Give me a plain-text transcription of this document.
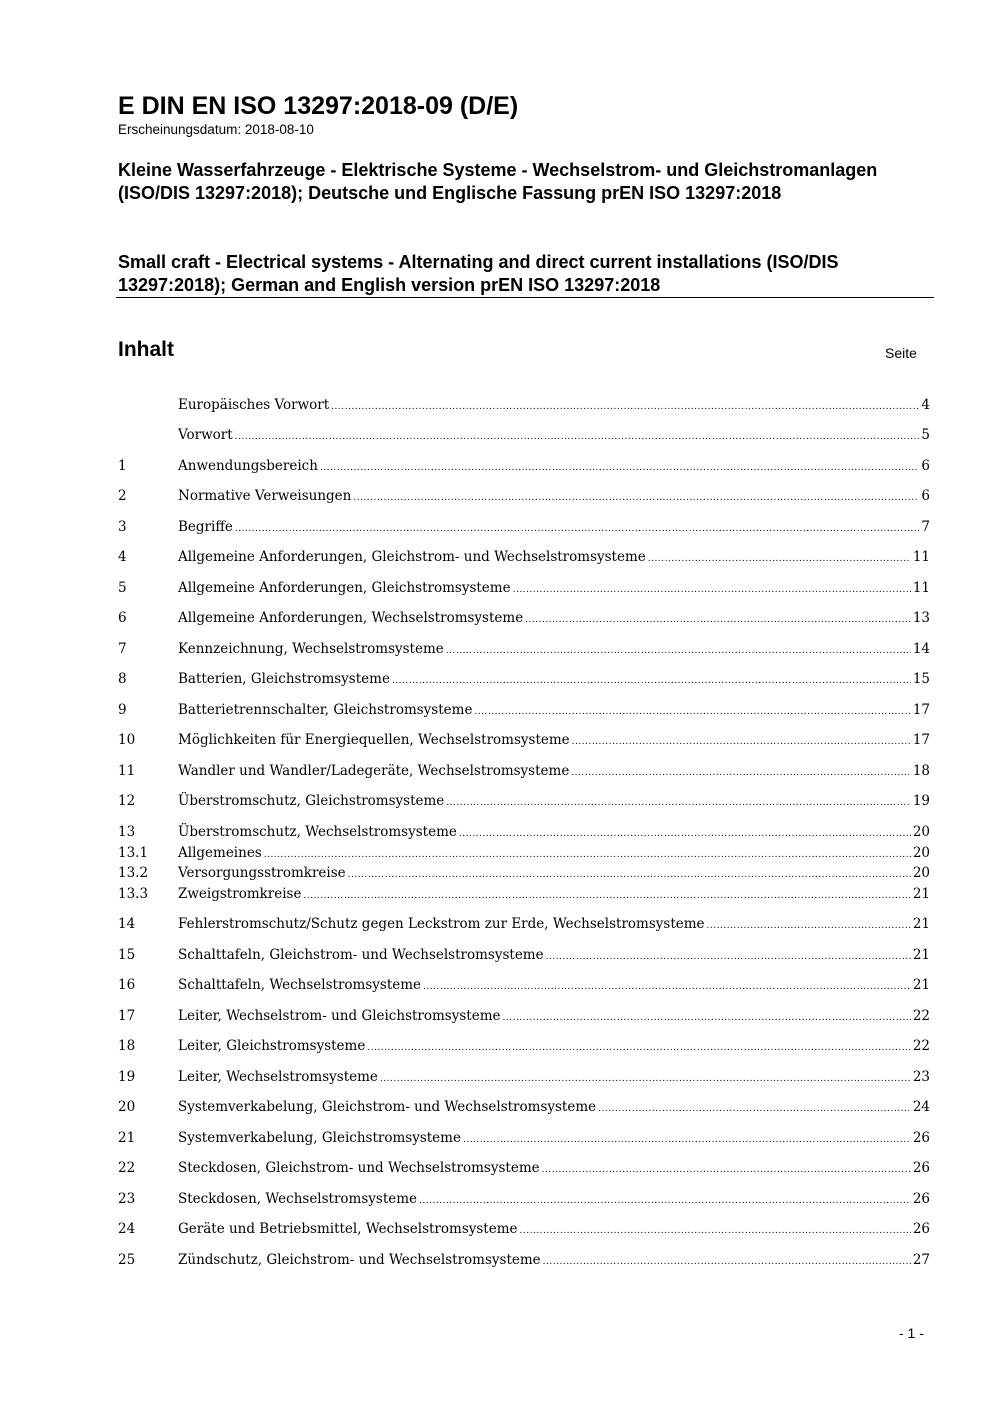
E DIN EN ISO 13297:2018-09 (D/E)
Erscheinungsdatum: 2018-08-10
Kleine Wasserfahrzeuge - Elektrische Systeme - Wechselstrom- und Gleichstromanlagen (ISO/DIS 13297:2018); Deutsche und Englische Fassung prEN ISO 13297:2018
Small craft - Electrical systems - Alternating and direct current installations (ISO/DIS 13297:2018); German and English version prEN ISO 13297:2018
Inhalt	Seite
Europäisches Vorwort .....	4
Vorwort .....	5
1	Anwendungsbereich .....	6
2	Normative Verweisungen .....	6
3	Begriffe .....	7
4	Allgemeine Anforderungen, Gleichstrom- und Wechselstromsysteme .....	11
5	Allgemeine Anforderungen, Gleichstromsysteme .....	11
6	Allgemeine Anforderungen, Wechselstromsysteme .....	13
7	Kennzeichnung, Wechselstromsysteme .....	14
8	Batterien, Gleichstromsysteme .....	15
9	Batterietrennschalter, Gleichstromsysteme .....	17
10	Möglichkeiten für Energiequellen, Wechselstromsysteme .....	17
11	Wandler und Wandler/Ladegeräte, Wechselstromsysteme .....	18
12	Überstromschutz, Gleichstromsysteme .....	19
13	Überstromschutz, Wechselstromsysteme .....	20
13.1	Allgemeines .....	20
13.2	Versorgungsstromkreise .....	20
13.3	Zweigstromkreise .....	21
14	Fehlerstromschutz/Schutz gegen Leckstrom zur Erde, Wechselstromsysteme .....	21
15	Schalttafeln, Gleichstrom- und Wechselstromsysteme .....	21
16	Schalttafeln, Wechselstromsysteme .....	21
17	Leiter, Wechselstrom- und Gleichstromsysteme .....	22
18	Leiter, Gleichstromsysteme .....	22
19	Leiter, Wechselstromsysteme .....	23
20	Systemverkabelung, Gleichstrom- und Wechselstromsysteme .....	24
21	Systemverkabelung, Gleichstromsysteme .....	26
22	Steckdosen, Gleichstrom- und Wechselstromsysteme .....	26
23	Steckdosen, Wechselstromsysteme .....	26
24	Geräte und Betriebsmittel, Wechselstromsysteme .....	26
25	Zündschutz, Gleichstrom- und Wechselstromsysteme .....	27
- 1 -
